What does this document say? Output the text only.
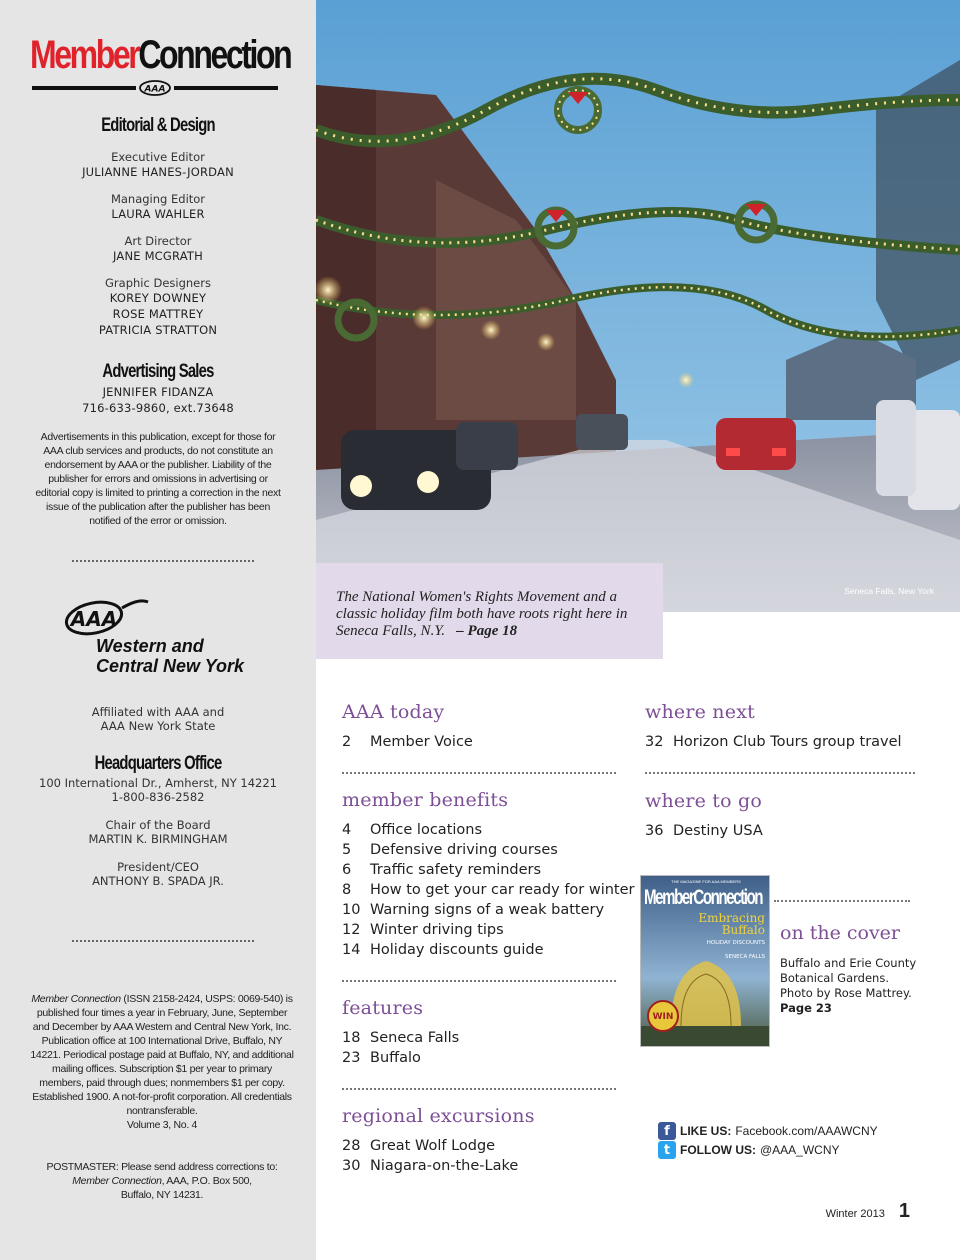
MemberConnection
AAA
Editorial & Design
Executive Editor
JULIANNE HANES-JORDAN
Managing Editor
LAURA WAHLER
Art Director
JANE MCGRATH
Graphic Designers
KOREY DOWNEY
ROSE MATTREY
PATRICIA STRATTON
Advertising Sales
JENNIFER FIDANZA
716-633-9860, ext.73648
Advertisements in this publication, except for those for AAA club services and products, do not constitute an endorsement by AAA or the publisher. Liability of the publisher for errors and omissions in advertising or editorial copy is limited to printing a correction in the next issue of the publication after the publisher has been notified of the error or omission.
AAA
Western and
Central New York
Affiliated with AAA and
AAA New York State
Headquarters Office
100 International Dr., Amherst, NY 14221
1-800-836-2582
Chair of the Board
MARTIN K. BIRMINGHAM
President/CEO
ANTHONY B. SPADA JR.
Member Connection (ISSN 2158-2424, USPS: 0069-540) is published four times a year in February, June, September and December by AAA Western and Central New York, Inc. Publication office at 100 International Drive, Buffalo, NY 14221. Periodical postage paid at Buffalo, NY, and additional mailing offices. Subscription $1 per year to primary members, paid through dues; nonmembers $1 per copy. Established 1900. A not-for-profit corporation. All credentials nontransferable.
Volume 3, No. 4
POSTMASTER: Please send address corrections to:
Member Connection, AAA, P.O. Box 500,
Buffalo, NY 14231.
Seneca Falls, New York

The National Women's Rights Movement and a classic holiday film both have roots right here in Seneca Falls, N.Y. – Page 18

AAA today
2 Member Voice
member benefits
4 Office locations
5 Defensive driving courses
6 Traffic safety reminders
8 How to get your car ready for winter
10 Warning signs of a weak battery
12 Winter driving tips
14 Holiday discounts guide
features
18 Seneca Falls
23 Buffalo
regional excursions
28 Great Wolf Lodge
30 Niagara-on-the-Lake
where next
32 Horizon Club Tours group travel
where to go
36 Destiny USA
THE MAGAZINE FOR AAA MEMBERS
MemberConnection
Embracing
Buffalo
HOLIDAY DISCOUNTS
SENECA FALLS
WIN
on the cover
Buffalo and Erie County Botanical Gardens. Photo by Rose Mattrey. Page 23
f LIKE US: Facebook.com/AAAWCNY
t FOLLOW US: @AAA_WCNY
Winter 2013 1
